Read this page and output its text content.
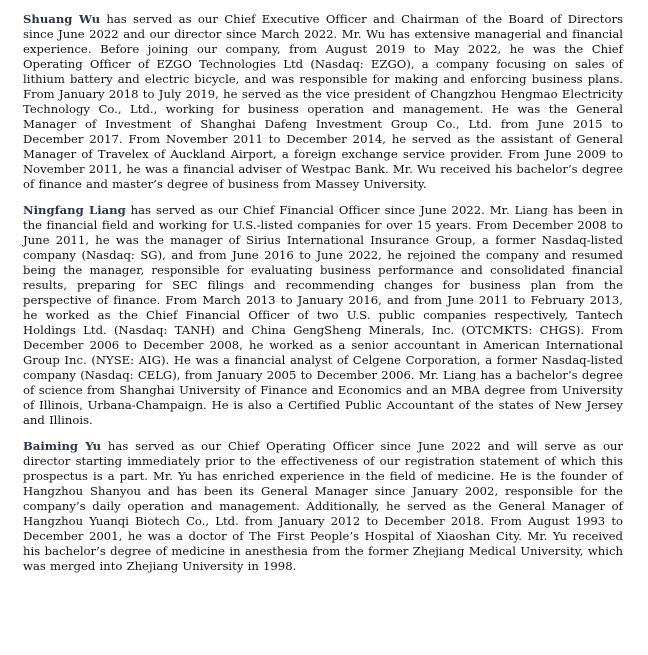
Shuang Wu has served as our Chief Executive Officer and Chairman of the Board of Directors since June 2022 and our director since March 2022. Mr. Wu has extensive managerial and financial experience. Before joining our company, from August 2019 to May 2022, he was the Chief Operating Officer of EZGO Technologies Ltd (Nasdaq: EZGO), a company focusing on sales of lithium battery and electric bicycle, and was responsible for making and enforcing business plans. From January 2018 to July 2019, he served as the vice president of Changzhou Hengmao Electricity Technology Co., Ltd., working for business operation and management. He was the General Manager of Investment of Shanghai Dafeng Investment Group Co., Ltd. from June 2015 to December 2017. From November 2011 to December 2014, he served as the assistant of General Manager of Travelex of Auckland Airport, a foreign exchange service provider. From June 2009 to November 2011, he was a financial adviser of Westpac Bank. Mr. Wu received his bachelor’s degree of finance and master’s degree of business from Massey University.

Ningfang Liang has served as our Chief Financial Officer since June 2022. Mr. Liang has been in the financial field and working for U.S.-listed companies for over 15 years. From December 2008 to June 2011, he was the manager of Sirius International Insurance Group, a former Nasdaq-listed company (Nasdaq: SG), and from June 2016 to June 2022, he rejoined the company and resumed being the manager, responsible for evaluating business performance and consolidated financial results, preparing for SEC filings and recommending changes for business plan from the perspective of finance. From March 2013 to January 2016, and from June 2011 to February 2013, he worked as the Chief Financial Officer of two U.S. public companies respectively, Tantech Holdings Ltd. (Nasdaq: TANH) and China GengSheng Minerals, Inc. (OTCMKTS: CHGS). From December 2006 to December 2008, he worked as a senior accountant in American International Group Inc. (NYSE: AIG). He was a financial analyst of Celgene Corporation, a former Nasdaq-listed company (Nasdaq: CELG), from January 2005 to December 2006. Mr. Liang has a bachelor’s degree of science from Shanghai University of Finance and Economics and an MBA degree from University of Illinois, Urbana-Champaign. He is also a Certified Public Accountant of the states of New Jersey and Illinois.

Baiming Yu has served as our Chief Operating Officer since June 2022 and will serve as our director starting immediately prior to the effectiveness of our registration statement of which this prospectus is a part. Mr. Yu has enriched experience in the field of medicine. He is the founder of Hangzhou Shanyou and has been its General Manager since January 2002, responsible for the company’s daily operation and management. Additionally, he served as the General Manager of Hangzhou Yuanqi Biotech Co., Ltd. from January 2012 to December 2018. From August 1993 to December 2001, he was a doctor of The First People’s Hospital of Xiaoshan City. Mr. Yu received his bachelor’s degree of medicine in anesthesia from the former Zhejiang Medical University, which was merged into Zhejiang University in 1998.
